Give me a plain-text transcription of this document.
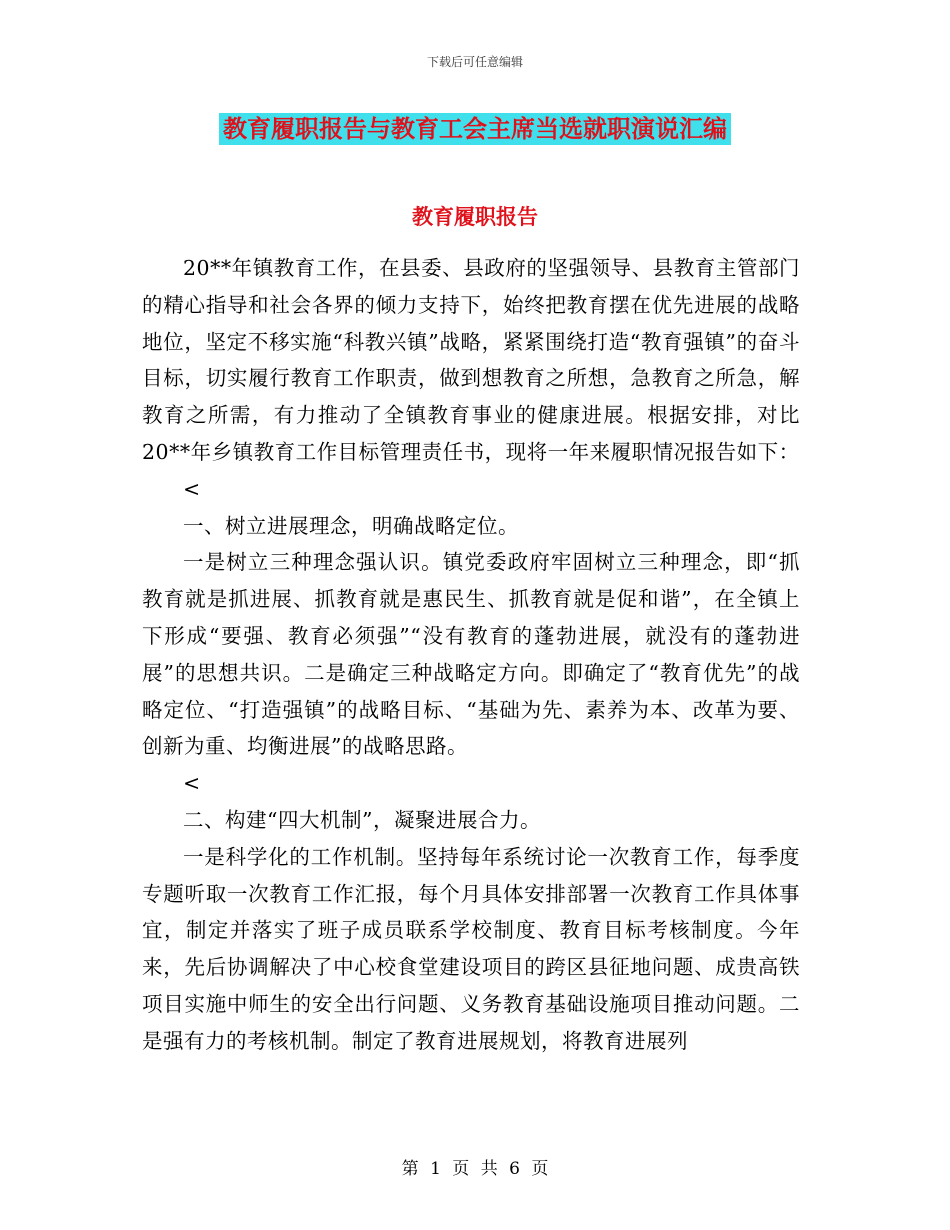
下载后可任意编辑
教育履职报告与教育工会主席当选就职演说汇编
教育履职报告

20**年镇教育工作，在县委、县政府的坚强领导、县教育主管部门的精心指导和社会各界的倾力支持下，始终把教育摆在优先进展的战略地位，坚定不移实施“科教兴镇”战略，紧紧围绕打造“教育强镇”的奋斗目标，切实履行教育工作职责，做到想教育之所想，急教育之所急，解教育之所需，有力推动了全镇教育事业的健康进展。根据安排，对比20**年乡镇教育工作目标管理责任书，现将一年来履职情况报告如下：

<

一、树立进展理念，明确战略定位。

一是树立三种理念强认识。镇党委政府牢固树立三种理念，即“抓教育就是抓进展、抓教育就是惠民生、抓教育就是促和谐”，在全镇上下形成“要强、教育必须强”“没有教育的蓬勃进展，就没有的蓬勃进展”的思想共识。二是确定三种战略定方向。即确定了“教育优先”的战略定位、“打造强镇”的战略目标、“基础为先、素养为本、改革为要、创新为重、均衡进展”的战略思路。

<

二、构建“四大机制”，凝聚进展合力。

一是科学化的工作机制。坚持每年系统讨论一次教育工作，每季度专题听取一次教育工作汇报，每个月具体安排部署一次教育工作具体事宜，制定并落实了班子成员联系学校制度、教育目标考核制度。今年来，先后协调解决了中心校食堂建设项目的跨区县征地问题、成贵高铁项目实施中师生的安全出行问题、义务教育基础设施项目推动问题。二是强有力的考核机制。制定了教育进展规划，将教育进展列

第 1 页 共 6 页
